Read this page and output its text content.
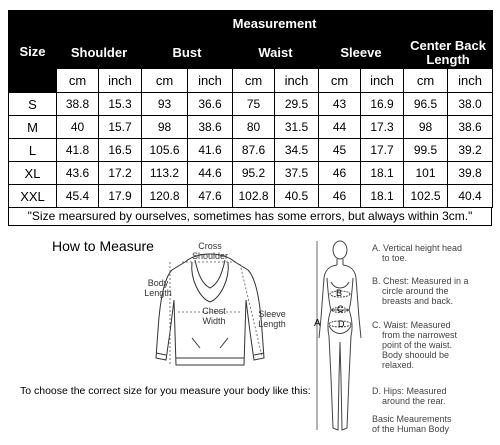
Size	Measurement									
	Shoulder		Bust		Waist		Sleeve		Center Back
Length	
	cm	inch	cm	inch	cm	inch	cm	inch	cm	inch
S	38.8	15.3	93	36.6	75	29.5	43	16.9	96.5	38.0
M	40	15.7	98	38.6	80	31.5	44	17.3	98	38.6
L	41.8	16.5	105.6	41.6	87.6	34.5	45	17.7	99.5	39.2
XL	43.6	17.2	113.2	44.6	95.2	37.5	46	18.1	101	39.8
XXL	45.4	17.9	120.8	47.6	102.8	40.5	46	18.1	102.5	40.4
"Size mearsured by ourselves, sometimes has some errors, but always within 3cm."
How to Measure	Cross
Shoulder
Body
Length
Chest
Width
Sleeve
Length	A
B
C
D
A. Vertical height head
to toe.
B. Chest: Measured in a
circle around the
breasts and back.
C. Waist: Measured
from the narrowest
point of the waist.
Body shoould be
relaxed.
D. Hips: Measured
around the rear.
Basic Meaurements
of the Human Body
To choose the correct size for you measure your body like this:
